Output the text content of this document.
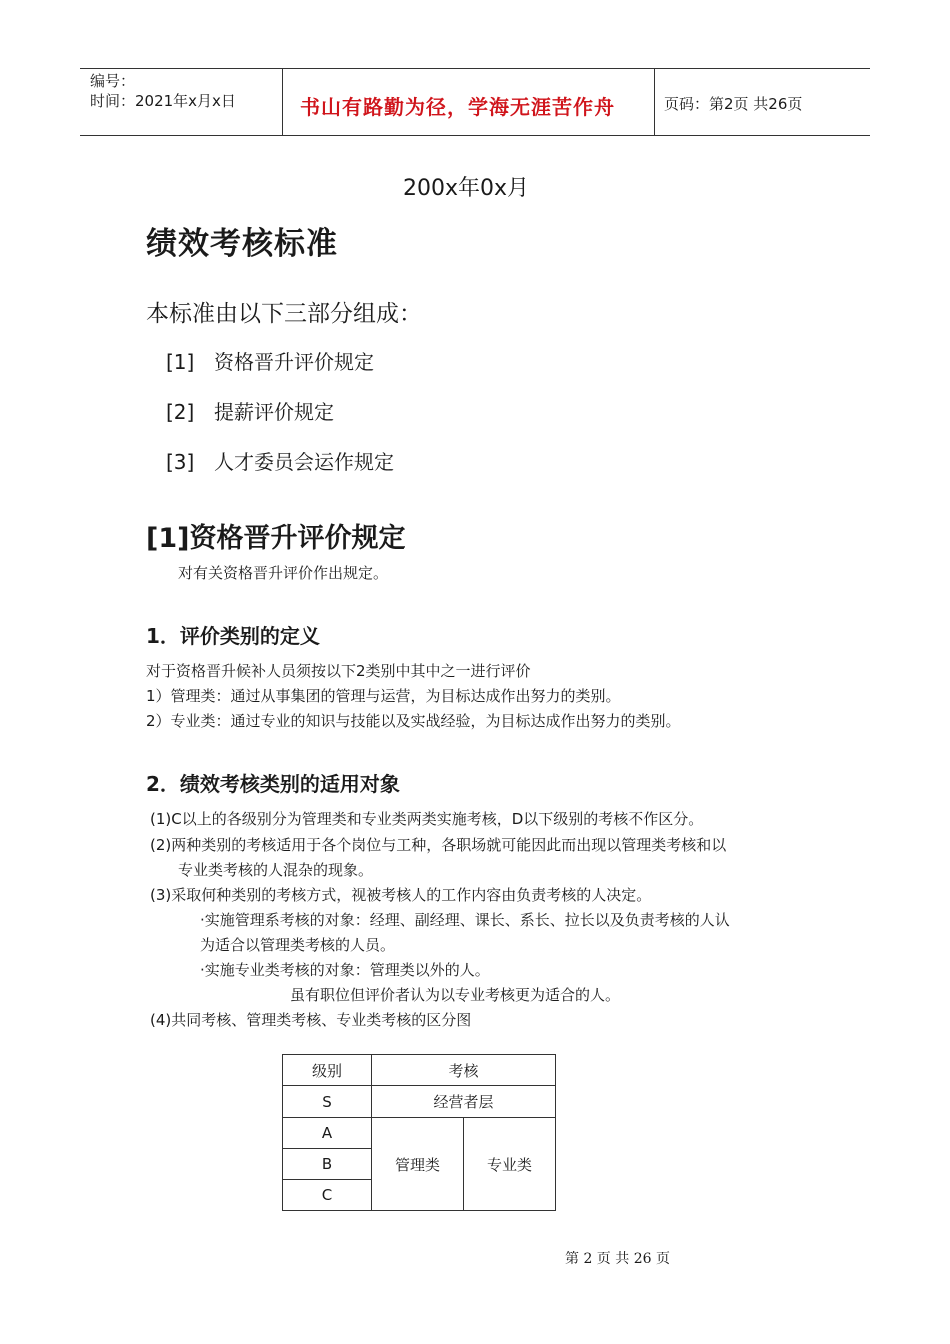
编号：
时间：2021年x月x日	书山有路勤为径，学海无涯苦作舟	页码：第2页 共26页
200x年0x月
绩效考核标准
本标准由以下三部分组成：
[1] 资格晋升评价规定
[2] 提薪评价规定
[3] 人才委员会运作规定
[1]资格晋升评价规定
对有关资格晋升评价作出规定。
1．评价类别的定义
对于资格晋升候补人员须按以下2类别中其中之一进行评价
1）管理类：通过从事集团的管理与运营，为目标达成作出努力的类别。
2）专业类：通过专业的知识与技能以及实战经验，为目标达成作出努力的类别。
2．绩效考核类别的适用对象
(1)C以上的各级别分为管理类和专业类两类实施考核，D以下级别的考核不作区分。
(2)两种类别的考核适用于各个岗位与工种，各职场就可能因此而出现以管理类考核和以
专业类考核的人混杂的现象。
(3)采取何种类别的考核方式，视被考核人的工作内容由负责考核的人决定。
·实施管理系考核的对象：经理、副经理、课长、系长、拉长以及负责考核的人认
为适合以管理类考核的人员。
·实施专业类考核的对象：管理类以外的人。
虽有职位但评价者认为以专业考核更为适合的人。
(4)共同考核、管理类考核、专业类考核的区分图
级别	考核	
S	经营者层	
A	管理类	专业类
B		
C		
第 2 页 共 26 页
